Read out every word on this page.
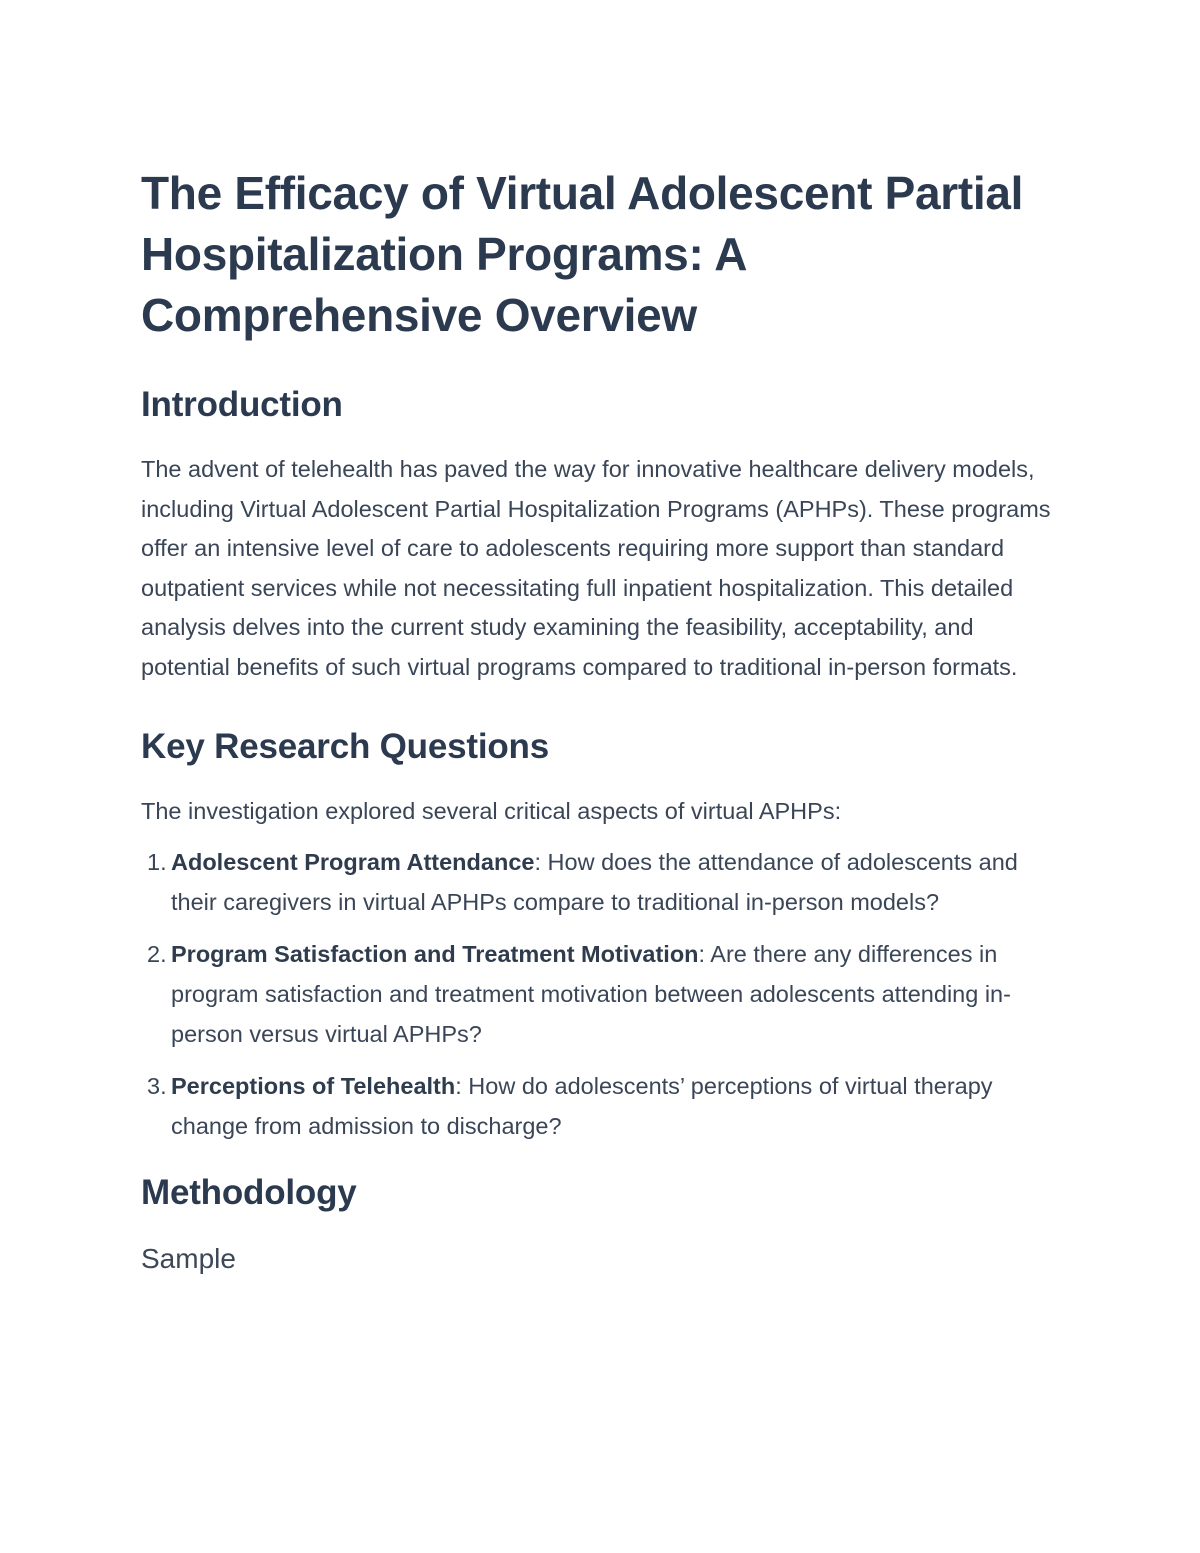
The Efficacy of Virtual Adolescent Partial Hospitalization Programs: A Comprehensive Overview
Introduction

The advent of telehealth has paved the way for innovative healthcare delivery models, including Virtual Adolescent Partial Hospitalization Programs (APHPs). These programs offer an intensive level of care to adolescents requiring more support than standard outpatient services while not necessitating full inpatient hospitalization. This detailed analysis delves into the current study examining the feasibility, acceptability, and potential benefits of such virtual programs compared to traditional in-person formats.

Key Research Questions

The investigation explored several critical aspects of virtual APHPs:

1. Adolescent Program Attendance: How does the attendance of adolescents and their caregivers in virtual APHPs compare to traditional in-person models?
2. Program Satisfaction and Treatment Motivation: Are there any differences in program satisfaction and treatment motivation between adolescents attending in-person versus virtual APHPs?
3. Perceptions of Telehealth: How do adolescents’ perceptions of virtual therapy change from admission to discharge?
Methodology
Sample
